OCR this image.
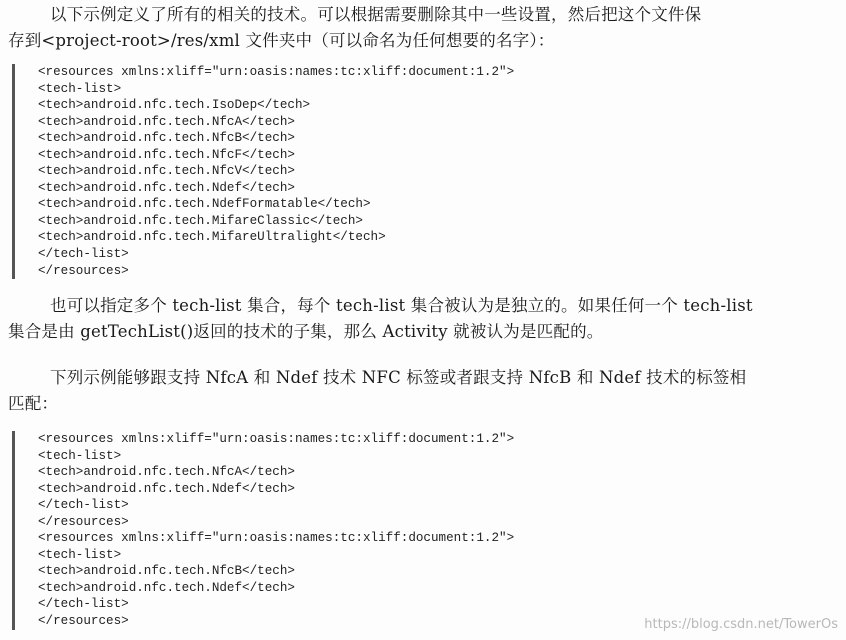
以下示例定义了所有的相关的技术。可以根据需要删除其中一些设置，然后把这个文件保
存到<project-root>/res/xml 文件夹中（可以命名为任何想要的名字）：
<resources xmlns:xliff="urn:oasis:names:tc:xliff:document:1.2">
<tech-list>
<tech>android.nfc.tech.IsoDep</tech>
<tech>android.nfc.tech.NfcA</tech>
<tech>android.nfc.tech.NfcB</tech>
<tech>android.nfc.tech.NfcF</tech>
<tech>android.nfc.tech.NfcV</tech>
<tech>android.nfc.tech.Ndef</tech>
<tech>android.nfc.tech.NdefFormatable</tech>
<tech>android.nfc.tech.MifareClassic</tech>
<tech>android.nfc.tech.MifareUltralight</tech>
</tech-list>
</resources>
也可以指定多个 tech-list 集合，每个 tech-list 集合被认为是独立的。如果任何一个 tech-list
集合是由 getTechList()返回的技术的子集，那么 Activity 就被认为是匹配的。
下列示例能够跟支持 NfcA 和 Ndef 技术 NFC 标签或者跟支持 NfcB 和 Ndef 技术的标签相
匹配：
<resources xmlns:xliff="urn:oasis:names:tc:xliff:document:1.2">
<tech-list>
<tech>android.nfc.tech.NfcA</tech>
<tech>android.nfc.tech.Ndef</tech>
</tech-list>
</resources>
<resources xmlns:xliff="urn:oasis:names:tc:xliff:document:1.2">
<tech-list>
<tech>android.nfc.tech.NfcB</tech>
<tech>android.nfc.tech.Ndef</tech>
</tech-list>
</resources>	https://blog.csdn.net/TowerOs
